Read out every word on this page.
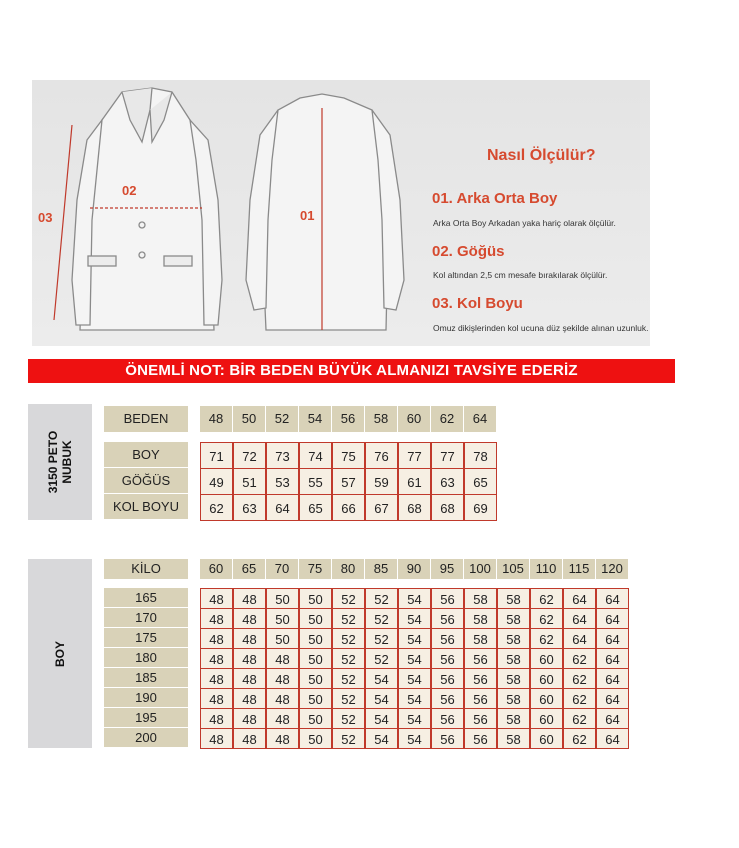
02
03	01
Nasıl Ölçülür?
01. Arka Orta Boy
Arka Orta Boy Arkadan yaka hariç olarak ölçülür.
02. Göğüs
Kol altından 2,5 cm mesafe bırakılarak ölçülür.
03. Kol Boyu
Omuz dikişlerinden kol ucuna düz şekilde alınan uzunluk.
ÖNEMLİ NOT: BİR BEDEN BÜYÜK ALMANIZI TAVSİYE EDERİZ
3150 PETO NUBUK
BOY
BEDEN	48	50	52	54	56	58	60	62	64
BOY	71	72	73	74	75	76	77	77	78
GÖĞÜS	49	51	53	55	57	59	61	63	65
KOL BOYU	62	63	64	65	66	67	68	68	69
KİLO	60	65	70	75	80	85	90	95	100 105 110 115 120
165	48	48	50	50	52	52	54	56	58	58	62	64	64
170	48	48	50	50	52	52	54	56	58	58	62	64	64
175	48	48	50	50	52	52	54	56	58	58	62	64	64
180	48	48	48	50	52	52	54	56	56	58	60	62	64
185	48	48	48	50	52	54	54	56	56	58	60	62	64
190	48	48	48	50	52	54	54	56	56	58	60	62	64
195	48	48	48	50	52	54	54	56	56	58	60	62	64
200	48	48	48	50	52	54	54	56	56	58	60	62	64
